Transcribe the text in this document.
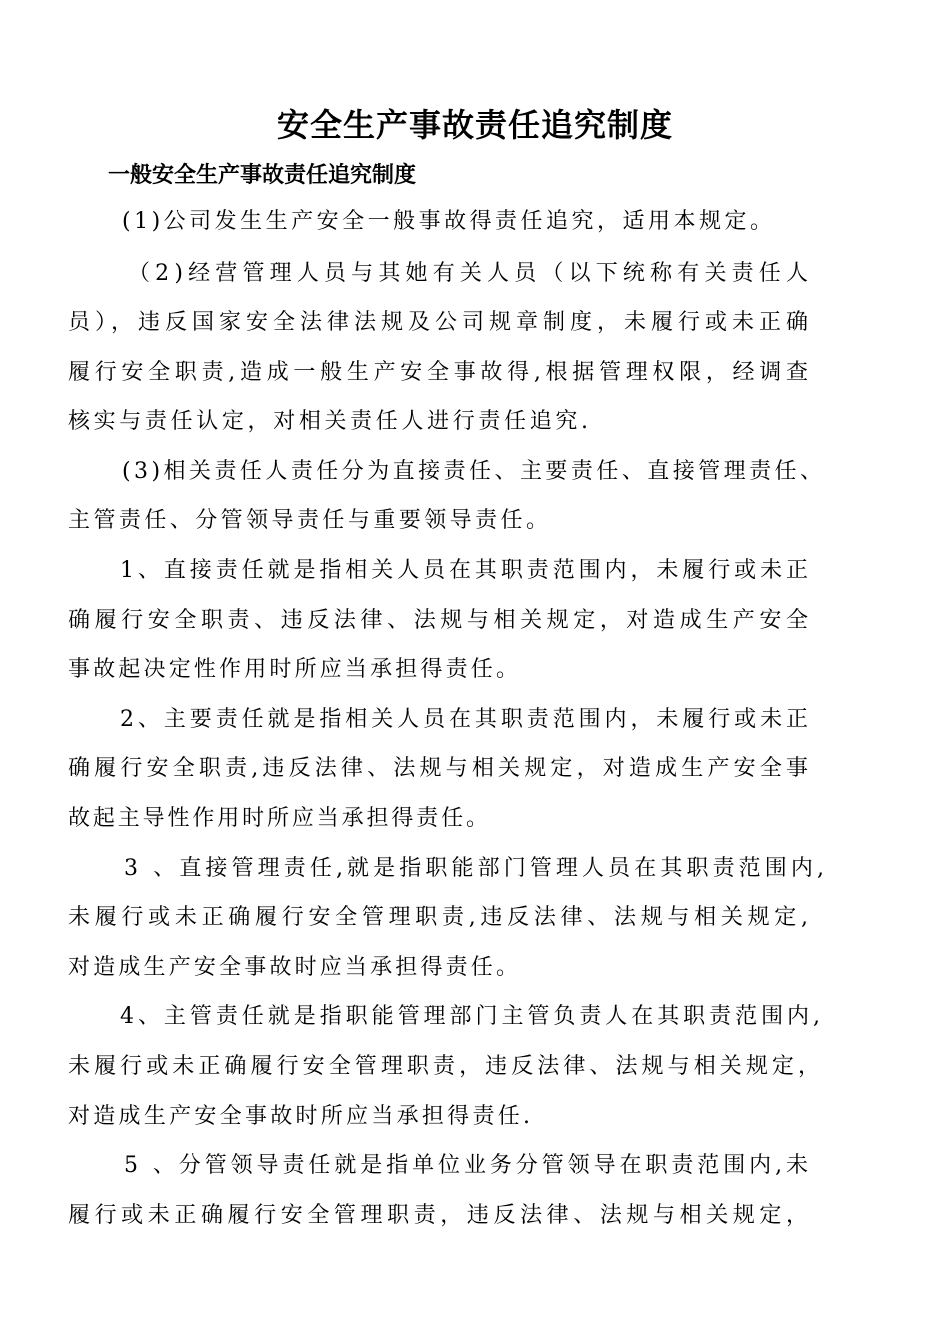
安全生产事故责任追究制度
一般安全生产事故责任追究制度
(1)公司发生生产安全一般事故得责任追究，适用本规定。
（2)经营管理人员与其她有关人员（以下统称有关责任人
员），违反国家安全法律法规及公司规章制度，未履行或未正确
履行安全职责,造成一般生产安全事故得,根据管理权限，经调查
核实与责任认定，对相关责任人进行责任追究.
(3)相关责任人责任分为直接责任、主要责任、直接管理责任、
主管责任、分管领导责任与重要领导责任。
1、直接责任就是指相关人员在其职责范围内，未履行或未正
确履行安全职责、违反法律、法规与相关规定，对造成生产安全
事故起决定性作用时所应当承担得责任。
2、主要责任就是指相关人员在其职责范围内，未履行或未正
确履行安全职责,违反法律、法规与相关规定，对造成生产安全事
故起主导性作用时所应当承担得责任。
3 、直接管理责任,就是指职能部门管理人员在其职责范围内,
未履行或未正确履行安全管理职责,违反法律、法规与相关规定,
对造成生产安全事故时应当承担得责任。
4、主管责任就是指职能管理部门主管负责人在其职责范围内,
未履行或未正确履行安全管理职责，违反法律、法规与相关规定，
对造成生产安全事故时所应当承担得责任.
5 、分管领导责任就是指单位业务分管领导在职责范围内,未
履行或未正确履行安全管理职责，违反法律、法规与相关规定，
